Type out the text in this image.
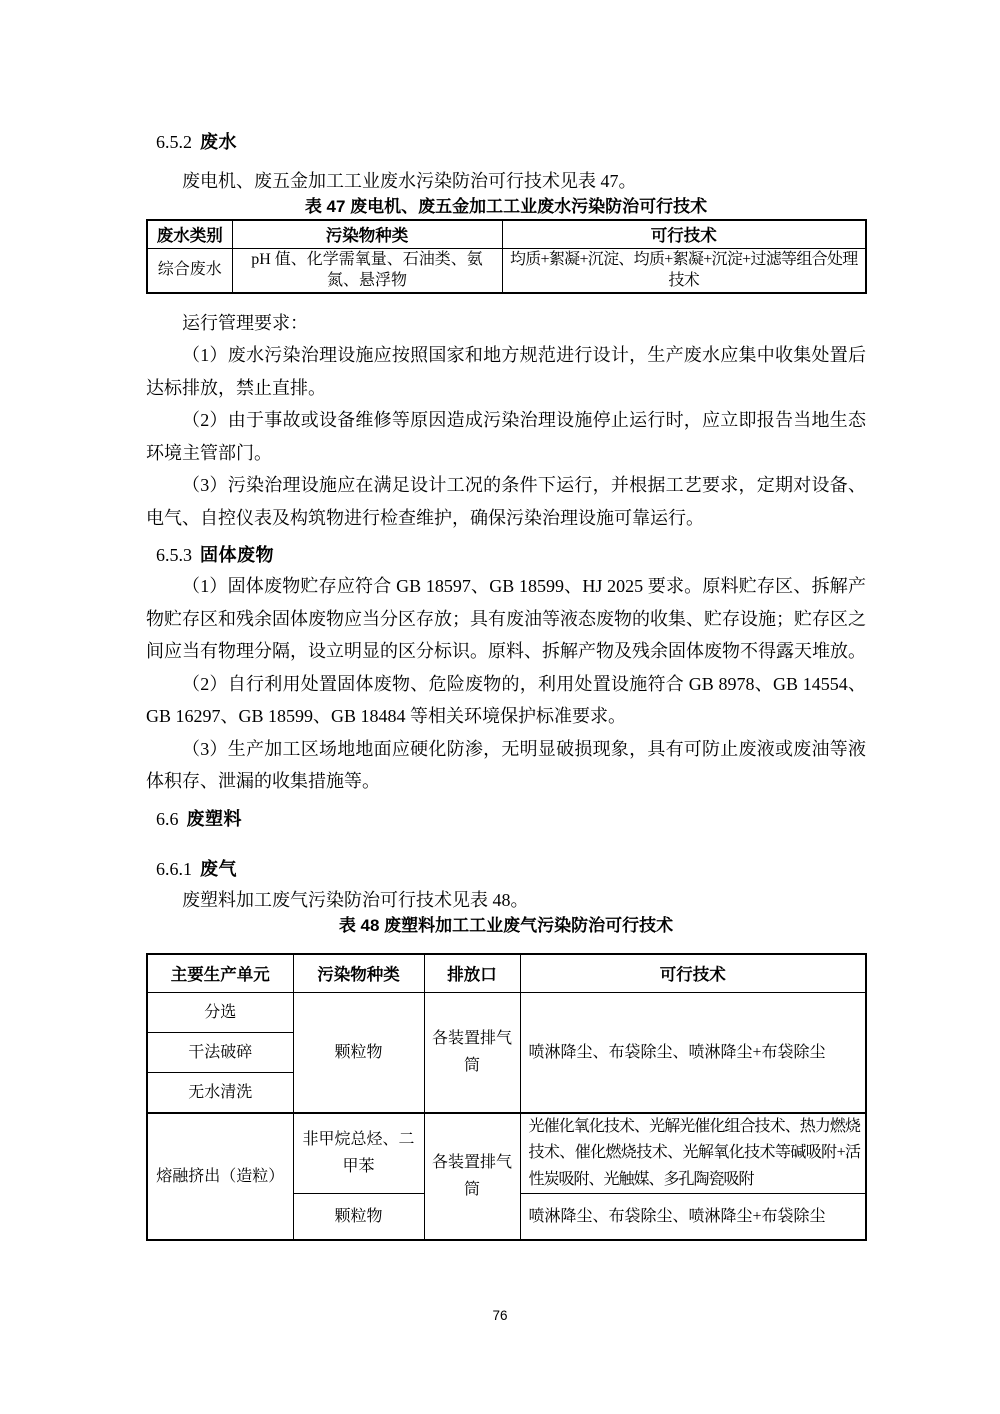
6.5.2 废水

废电机、废五金加工工业废水污染防治可行技术见表 47。

表 47 废电机、废五金加工工业废水污染防治可行技术
废水类别	污染物种类	可行技术
综合废水	pH 值、化学需氧量、石油类、氨氮、悬浮物	均质+絮凝+沉淀、均质+絮凝+沉淀+过滤等组合处理技术

运行管理要求：

（1）废水污染治理设施应按照国家和地方规范进行设计，生产废水应集中收集处置后达标排放，禁止直排。

（2）由于事故或设备维修等原因造成污染治理设施停止运行时，应立即报告当地生态环境主管部门。

（3）污染治理设施应在满足设计工况的条件下运行，并根据工艺要求，定期对设备、电气、自控仪表及构筑物进行检查维护，确保污染治理设施可靠运行。

6.5.3 固体废物

（1）固体废物贮存应符合 GB 18597、GB 18599、HJ 2025 要求。原料贮存区、拆解产物贮存区和残余固体废物应当分区存放；具有废油等液态废物的收集、贮存设施；贮存区之间应当有物理分隔，设立明显的区分标识。原料、拆解产物及残余固体废物不得露天堆放。

（2）自行利用处置固体废物、危险废物的，利用处置设施符合 GB 8978、GB 14554、GB 16297、GB 18599、GB 18484 等相关环境保护标准要求。

（3）生产加工区场地地面应硬化防渗，无明显破损现象，具有可防止废液或废油等液体积存、泄漏的收集措施等。

6.6 废塑料
6.6.1 废气

废塑料加工废气污染防治可行技术见表 48。

表 48 废塑料加工工业废气污染防治可行技术
主要生产单元	污染物种类	排放口	可行技术
分选	颗粒物	各装置排气筒	喷淋降尘、布袋除尘、喷淋降尘+布袋除尘
干法破碎			
无水清洗			
熔融挤出（造粒）	非甲烷总烃、二甲苯	各装置排气筒	光催化氧化技术、光解光催化组合技术、热力燃烧技术、催化燃烧技术、光解氧化技术等碱吸附+活性炭吸附、光触媒、多孔陶瓷吸附
	颗粒物		喷淋降尘、布袋除尘、喷淋降尘+布袋除尘
76
